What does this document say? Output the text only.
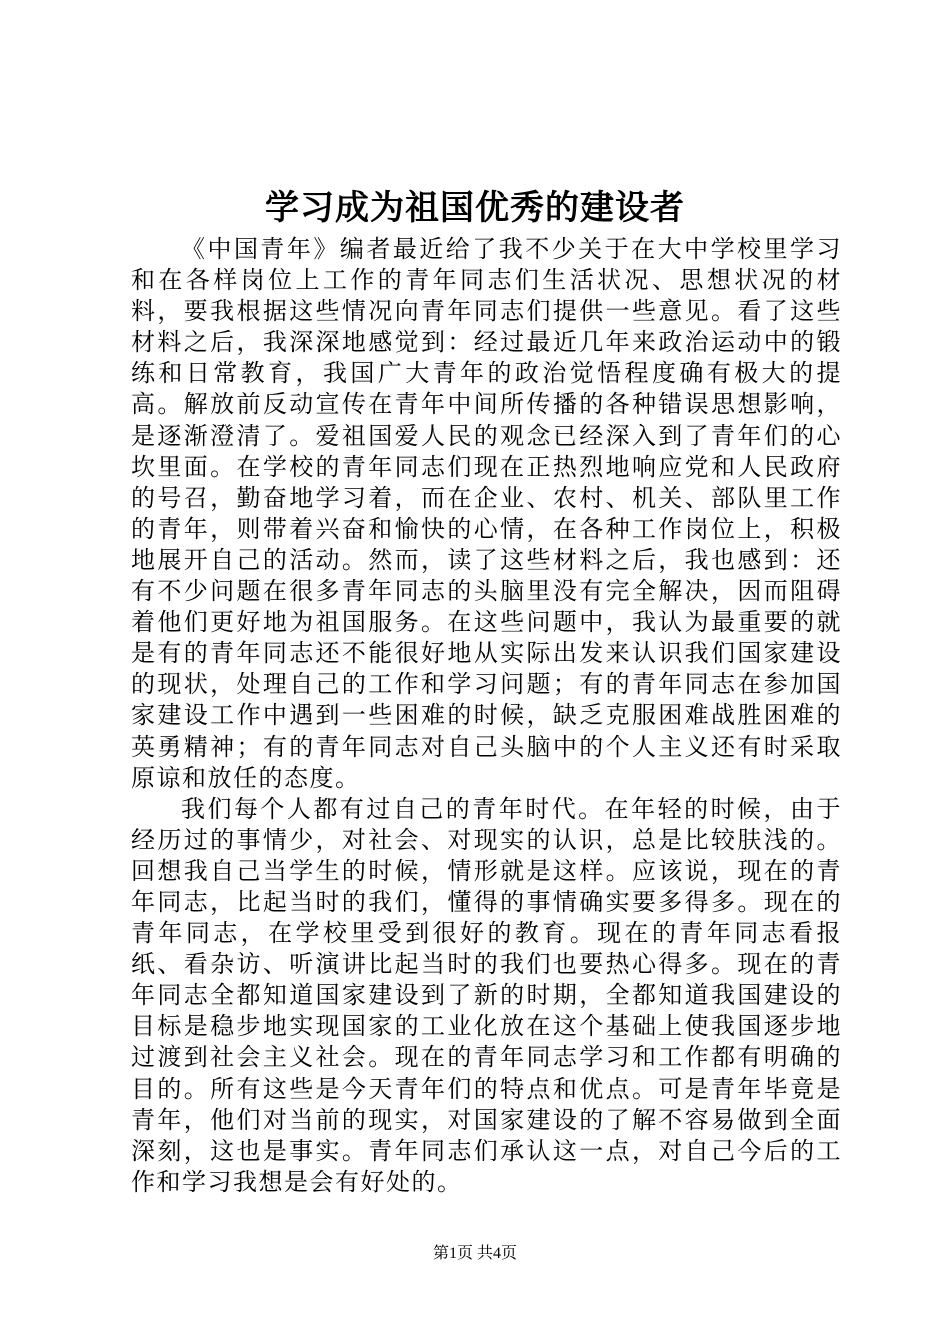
学习成为祖国优秀的建设者

《中国青年》编者最近给了我不少关于在大中学校里学习和在各样岗位上工作的青年同志们生活状况、思想状况的材料，要我根据这些情况向青年同志们提供一些意见。看了这些材料之后，我深深地感觉到：经过最近几年来政治运动中的锻练和日常教育，我国广大青年的政治觉悟程度确有极大的提高。解放前反动宣传在青年中间所传播的各种错误思想影响，是逐渐澄清了。爱祖国爱人民的观念已经深入到了青年们的心坎里面。在学校的青年同志们现在正热烈地响应党和人民政府的号召，勤奋地学习着，而在企业、农村、机关、部队里工作的青年，则带着兴奋和愉快的心情，在各种工作岗位上，积极地展开自己的活动。然而，读了这些材料之后，我也感到：还有不少问题在很多青年同志的头脑里没有完全解决，因而阻碍着他们更好地为祖国服务。在这些问题中，我认为最重要的就是有的青年同志还不能很好地从实际出发来认识我们国家建设的现状，处理自己的工作和学习问题；有的青年同志在参加国家建设工作中遇到一些困难的时候，缺乏克服困难战胜困难的英勇精神；有的青年同志对自己头脑中的个人主义还有时采取原谅和放任的态度。

我们每个人都有过自己的青年时代。在年轻的时候，由于经历过的事情少，对社会、对现实的认识，总是比较肤浅的。回想我自己当学生的时候，情形就是这样。应该说，现在的青年同志，比起当时的我们，懂得的事情确实要多得多。现在的青年同志，在学校里受到很好的教育。现在的青年同志看报纸、看杂访、听演讲比起当时的我们也要热心得多。现在的青年同志全都知道国家建设到了新的时期，全都知道我国建设的目标是稳步地实现国家的工业化放在这个基础上使我国逐步地过渡到社会主义社会。现在的青年同志学习和工作都有明确的目的。所有这些是今天青年们的特点和优点。可是青年毕竟是青年，他们对当前的现实，对国家建设的了解不容易做到全面深刻，这也是事实。青年同志们承认这一点，对自己今后的工作和学习我想是会有好处的。

第1页 共4页
